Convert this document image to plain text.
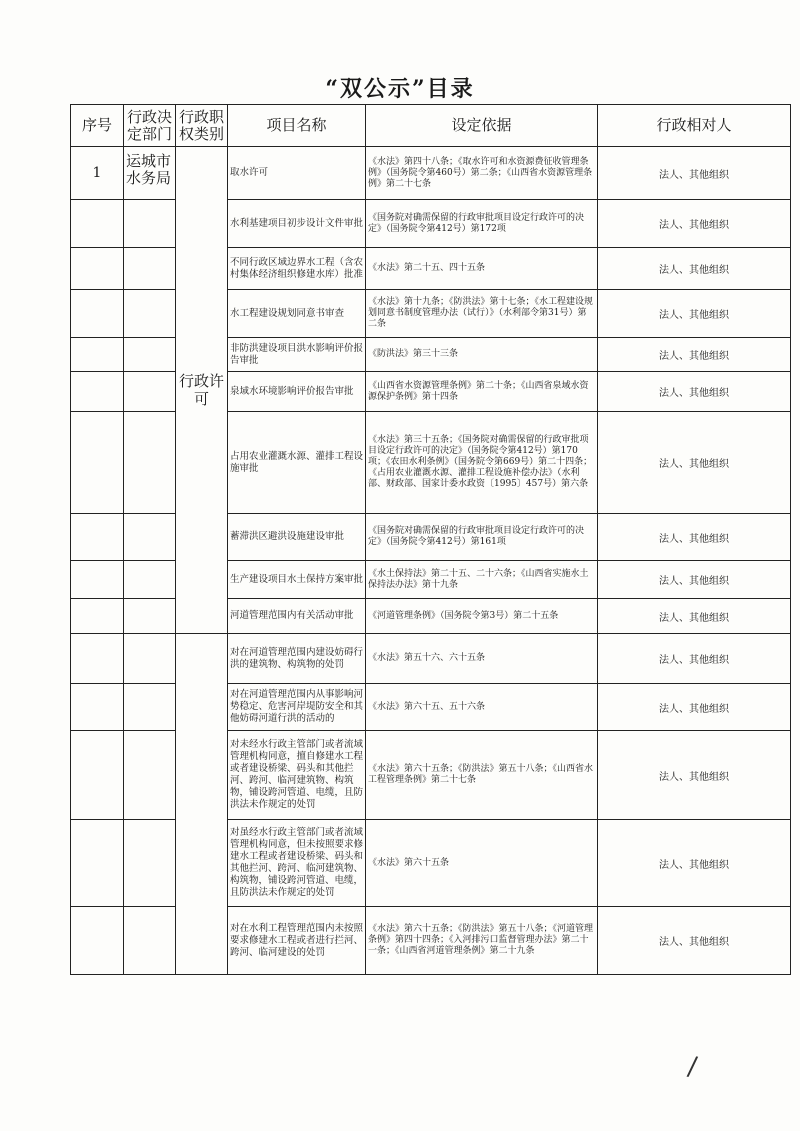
“双公示”目录
序号	行政决定部门	行政职权类别	项目名称	设定依据	行政相对人
1	运城市水务局	行政许可	取水许可	《水法》第四十八条；《取水许可和水资源费征收管理条例》（国务院令第460号）第二条；《山西省水资源管理条例》第二十七条	法人、其他组织
			水利基建项目初步设计文件审批	《国务院对确需保留的行政审批项目设定行政许可的决定》（国务院令第412号）第172项	法人、其他组织
			不同行政区域边界水工程（含农村集体经济组织修建水库）批准	《水法》第二十五、四十五条	法人、其他组织
			水工程建设规划同意书审查	《水法》第十九条；《防洪法》第十七条；《水工程建设规划同意书制度管理办法（试行）》（水利部令第31号）第二条	法人、其他组织
			非防洪建设项目洪水影响评价报告审批	《防洪法》第三十三条	法人、其他组织
			泉域水环境影响评价报告审批	《山西省水资源管理条例》第二十条；《山西省泉域水资源保护条例》第十四条	法人、其他组织
			占用农业灌溉水源、灌排工程设施审批	《水法》第三十五条；《国务院对确需保留的行政审批项目设定行政许可的决定》（国务院令第412号）第170项；《农田水利条例》（国务院令第669号）第二十四条；《占用农业灌溉水源、灌排工程设施补偿办法》（水利部、财政部、国家计委水政资〔1995〕457号）第六条	法人、其他组织
			蓄滞洪区避洪设施建设审批	《国务院对确需保留的行政审批项目设定行政许可的决定》（国务院令第412号）第161项	法人、其他组织
			生产建设项目水土保持方案审批	《水土保持法》第二十五、二十六条；《山西省实施水土保持法办法》第十九条	法人、其他组织
			河道管理范围内有关活动审批	《河道管理条例》（国务院令第3号）第二十五条	法人、其他组织
			对在河道管理范围内建设妨碍行洪的建筑物、构筑物的处罚	《水法》第五十六、六十五条	法人、其他组织
			对在河道管理范围内从事影响河势稳定、危害河岸堤防安全和其他妨碍河道行洪的活动的	《水法》第六十五、五十六条	法人、其他组织
			对未经水行政主管部门或者流域管理机构同意，擅自修建水工程或者建设桥梁、码头和其他拦河、跨河、临河建筑物、构筑物，铺设跨河管道、电缆，且防洪法未作规定的处罚	《水法》第六十五条；《防洪法》第五十八条；《山西省水工程管理条例》第二十七条	法人、其他组织
			对虽经水行政主管部门或者流域管理机构同意，但未按照要求修建水工程或者建设桥梁、码头和其他拦河、跨河、临河建筑物、构筑物，铺设跨河管道、电缆，且防洪法未作规定的处罚	《水法》第六十五条	法人、其他组织
			对在水利工程管理范围内未按照要求修建水工程或者进行拦河、跨河、临河建设的处罚	《水法》第六十五条；《防洪法》第五十八条；《河道管理条例》第四十四条；《入河排污口监督管理办法》第二十一条；《山西省河道管理条例》第二十九条	法人、其他组织
/
